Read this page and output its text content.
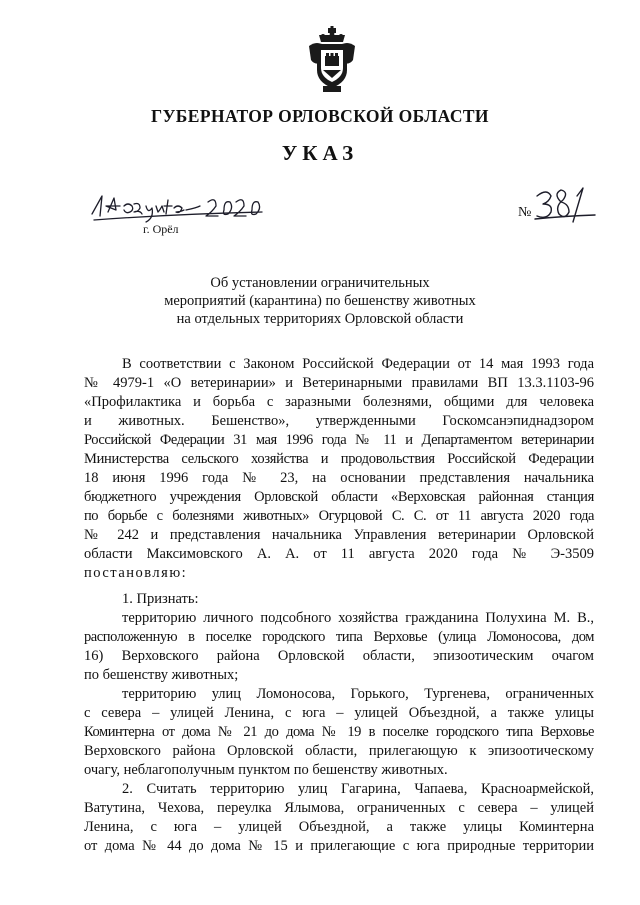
ГУБЕРНАТОР ОРЛОВСКОЙ ОБЛАСТИ
УКАЗ
г. Орёл
№
Об установлении ограничительных
мероприятий (карантина) по бешенству животных
на отдельных территориях Орловской области
В соответствии с Законом Российской Федерации от 14 мая 1993 года
№ 4979-1 «О ветеринарии» и Ветеринарными правилами ВП 13.3.1103-96
«Профилактика и борьба с заразными болезнями, общими для человека
и животных. Бешенство», утвержденными Госкомсанэпиднадзором
Российской Федерации 31 мая 1996 года № 11 и Департаментом ветеринарии
Министерства сельского хозяйства и продовольствия Российской Федерации
18 июня 1996 года № 23, на основании представления начальника
бюджетного учреждения Орловской области «Верховская районная станция
по борьбе с болезнями животных» Огурцовой С. С. от 11 августа 2020 года
№ 242 и представления начальника Управления ветеринарии Орловской
области Максимовского А. А. от 11 августа 2020 года № Э-3509
постановляю:
1. Признать:
территорию личного подсобного хозяйства гражданина Полухина М. В.,
расположенную в поселке городского типа Верховье (улица Ломоносова, дом
16) Верховского района Орловской области, эпизоотическим очагом
по бешенству животных;
территорию улиц Ломоносова, Горького, Тургенева, ограниченных
с севера – улицей Ленина, с юга – улицей Объездной, а также улицы
Коминтерна от дома № 21 до дома № 19 в поселке городского типа Верховье
Верховского района Орловской области, прилегающую к эпизоотическому
очагу, неблагополучным пунктом по бешенству животных.
2. Считать территорию улиц Гагарина, Чапаева, Красноармейской,
Ватутина, Чехова, переулка Ялымова, ограниченных с севера – улицей
Ленина, с юга – улицей Объездной, а также улицы Коминтерна
от дома № 44 до дома № 15 и прилегающие с юга природные территории
